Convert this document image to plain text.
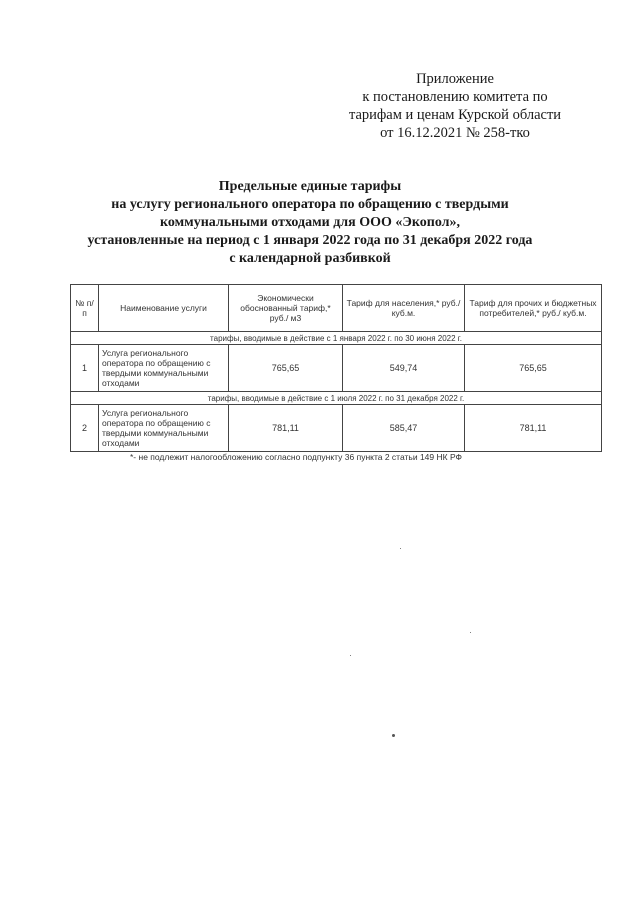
Приложение
к постановлению комитета по
тарифам и ценам Курской области
от 16.12.2021 № 258-тко
Предельные единые тарифы
на услугу регионального оператора по обращению с твердыми
коммунальными отходами для ООО «Экопол»,
установленные на период с 1 января 2022 года по 31 декабря 2022 года
с календарной разбивкой
№ п/п	Наименование услуги	Экономически обоснованный тариф,* руб./ м3	Тариф для населения,* руб./ куб.м.	Тариф для прочих и бюджетных потребителей,* руб./ куб.м.
тарифы, вводимые в действие с 1 января 2022 г. по 30 июня 2022 г.				
1	Услуга регионального оператора по обращению с твердыми коммунальными отходами	765,65	549,74	765,65
тарифы, вводимые в действие с 1 июля 2022 г. по 31 декабря 2022 г.				
2	Услуга регионального оператора по обращению с твердыми коммунальными отходами	781,11	585,47	781,11
*- не подлежит налогообложению согласно подпункту 36 пункта 2 статьи 149 НК РФ
